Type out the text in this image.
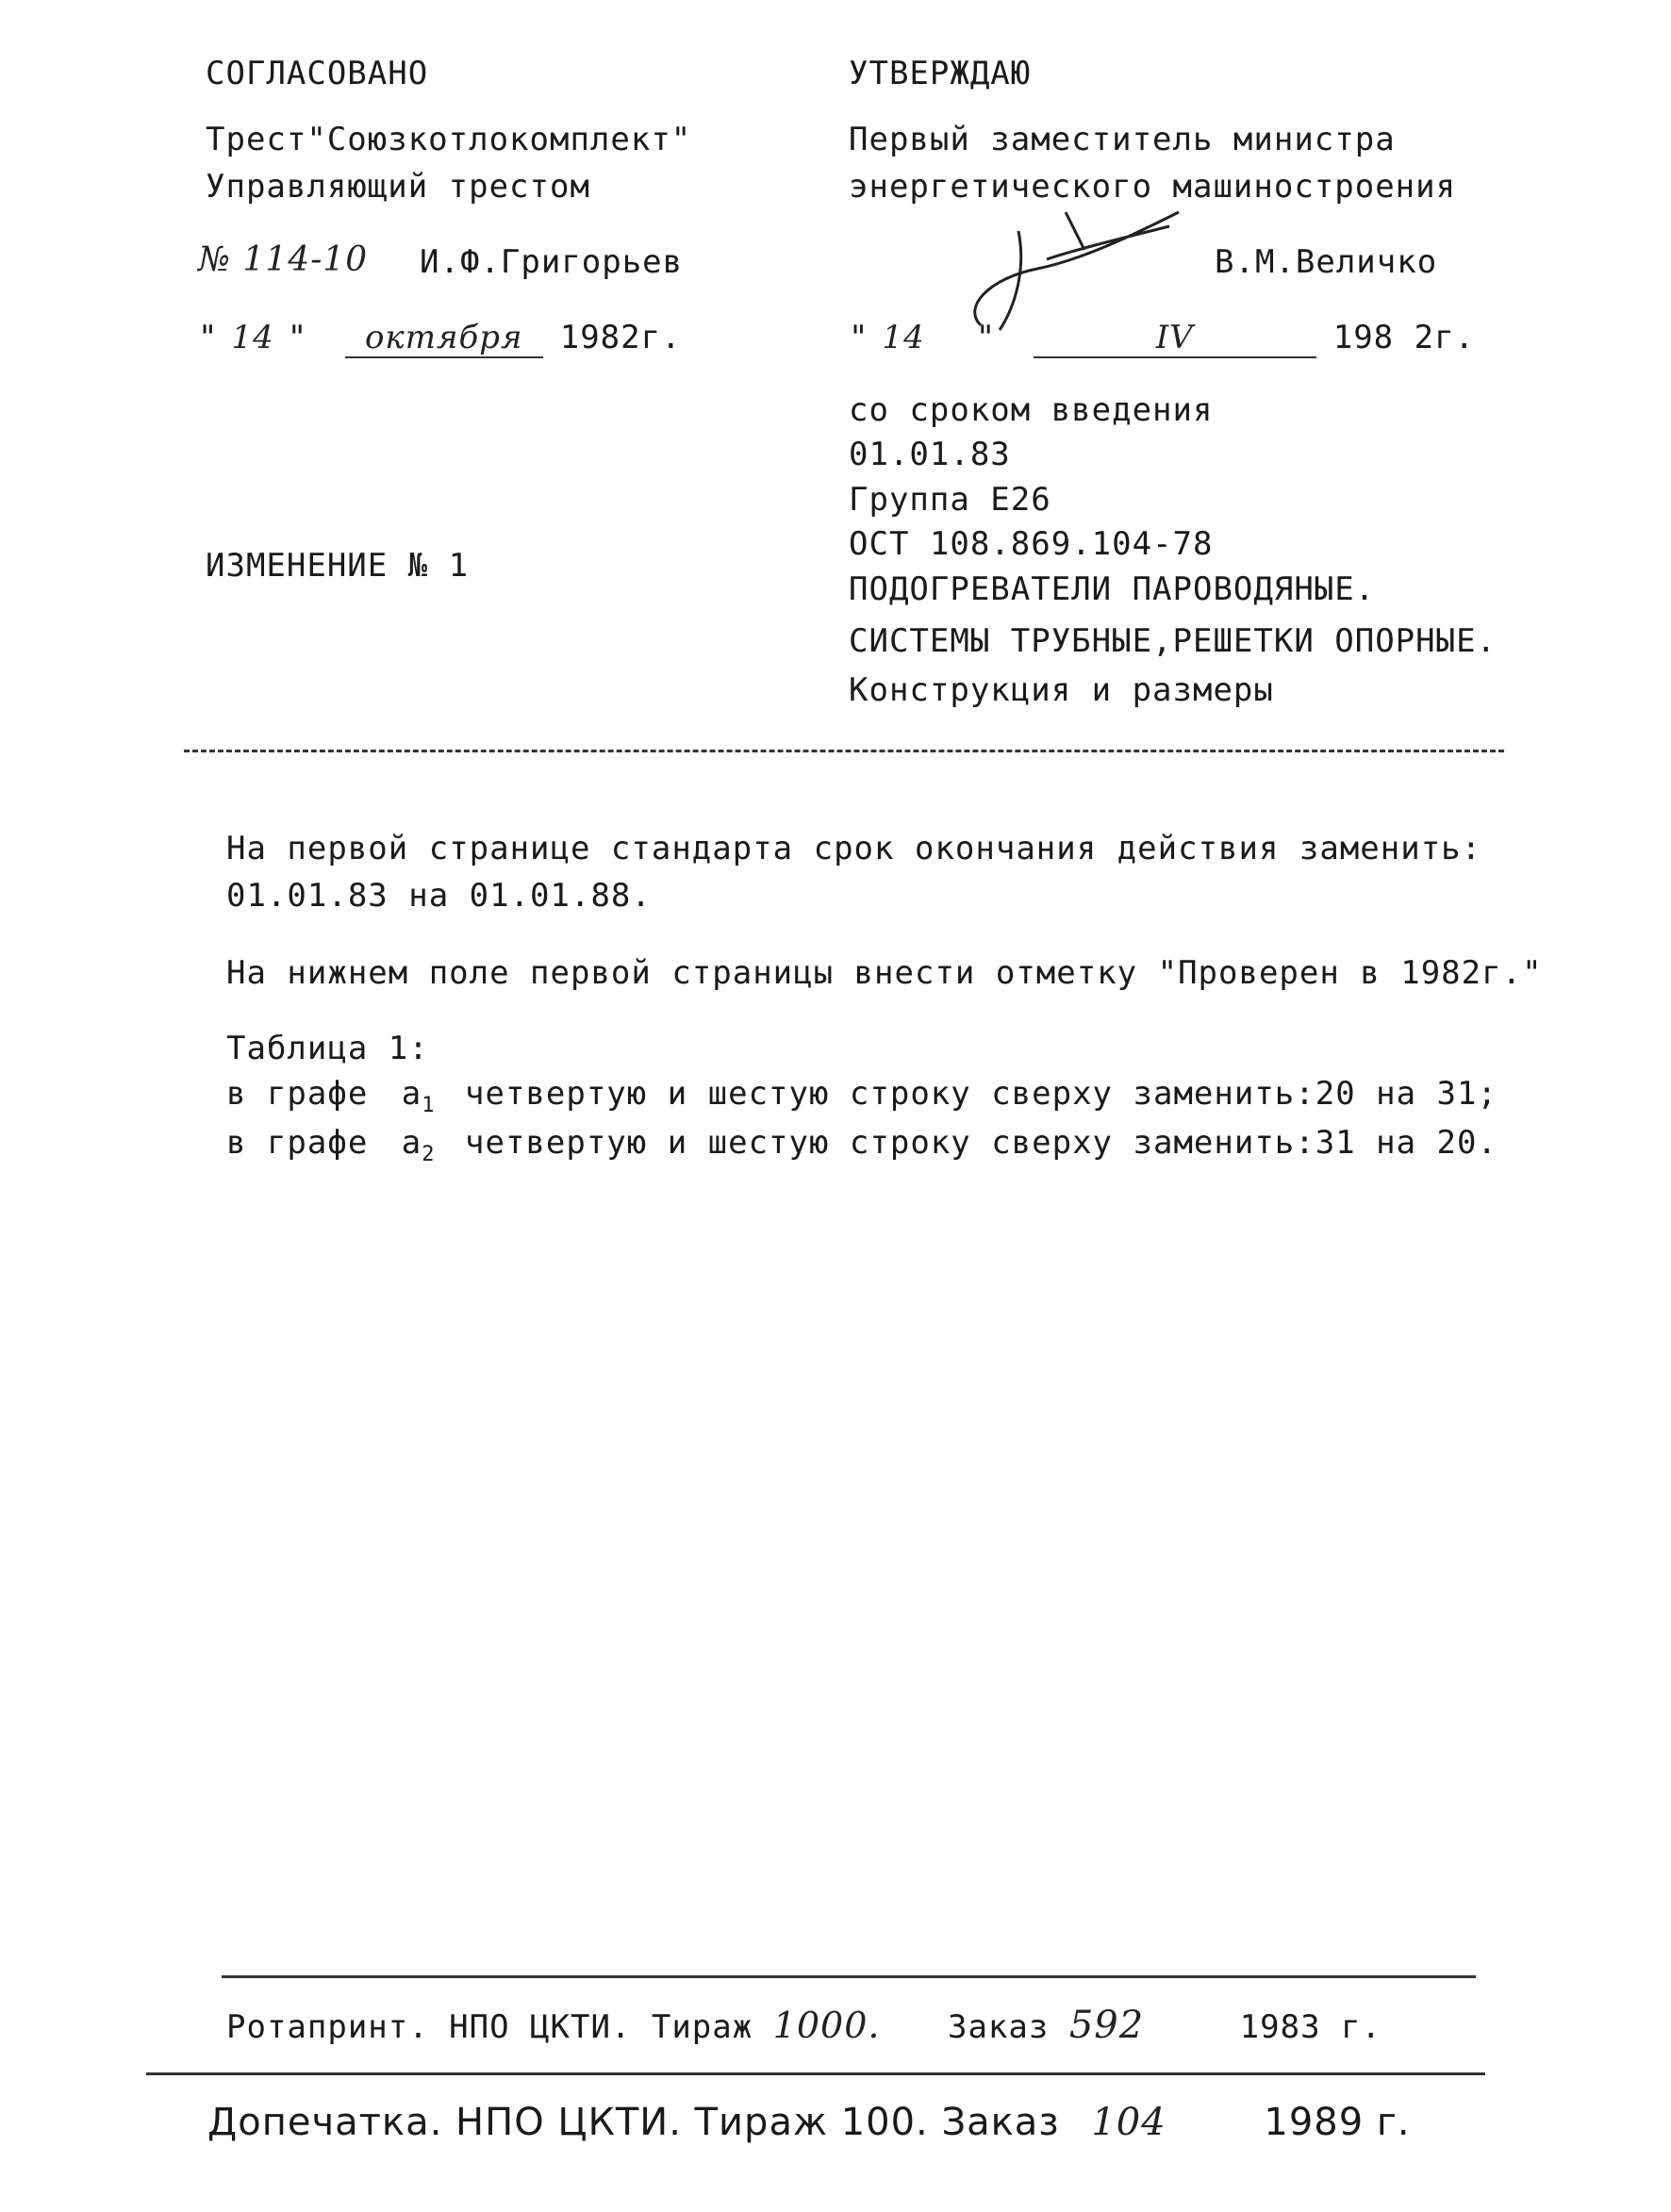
СОГЛАСОВАНО
Трест"Союзкотлокомплект"
Управляющий трестом
№ 114-10 И.Ф.Григорьев
" 14 " октября 1982г.
ИЗМЕНЕНИЕ № 1
УТВЕРЖДАЮ
Первый заместитель министра
энергетического машиностроения
В.М.Величко
" 14 "	IV	198 2г.
со сроком введения
01.01.83
Группа Е26
ОСТ 108.869.104-78
ПОДОГРЕВАТЕЛИ ПАРОВОДЯНЫЕ.
СИСТЕМЫ ТРУБНЫЕ,РЕШЕТКИ ОПОРНЫЕ.
Конструкция и размеры
На первой странице стандарта срок окончания действия заменить:
01.01.83 на 01.01.88.
На нижнем поле первой страницы внести отметку "Проверен в 1982г."
Таблица 1:
в графе $a_1$ четвертую и шестую строку сверху заменить:20 на 31;
в графе $a_2$ четвертую и шестую строку сверху заменить:31 на 20.
Ротапринт. НПО ЦКТИ. Тираж 1000. Заказ 592	1983 г.
Допечатка. НПО ЦКТИ. Тираж 100. Заказ 104	1989 г.
